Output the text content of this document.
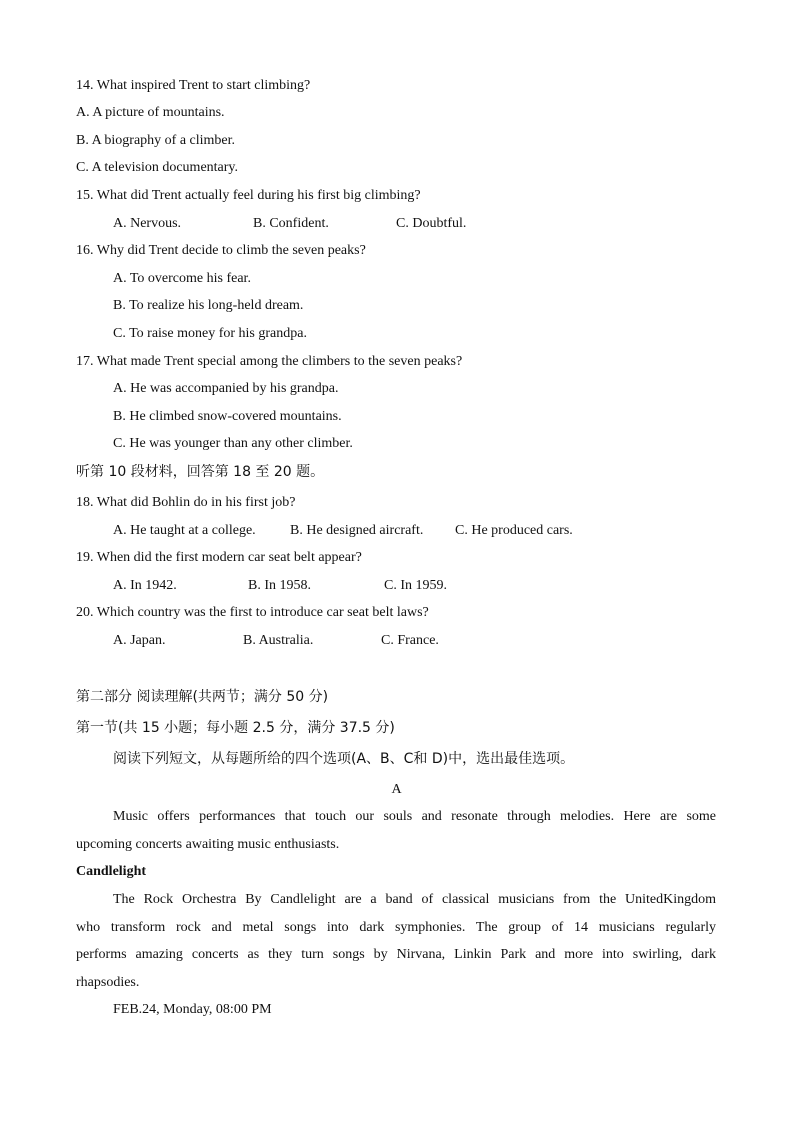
14. What inspired Trent to start climbing?
A. A picture of mountains.
B. A biography of a climber.
C. A television documentary.
15. What did Trent actually feel during his first big climbing?
A. Nervous.	B. Confident.	C. Doubtful.
16. Why did Trent decide to climb the seven peaks?
A. To overcome his fear.
B. To realize his long-held dream.
C. To raise money for his grandpa.
17. What made Trent special among the climbers to the seven peaks?
A. He was accompanied by his grandpa.
B. He climbed snow-covered mountains.
C. He was younger than any other climber.
听第 10 段材料，回答第 18 至 20 题。
18. What did Bohlin do in his first job?
A. He taught at a college. B. He designed aircraft. C. He produced cars.
19. When did the first modern car seat belt appear?
A. In 1942.	B. In 1958.	C. In 1959.
20. Which country was the first to introduce car seat belt laws?
A. Japan.	B. Australia.	C. France.
第二部分 阅读理解(共两节；满分 50 分)
第一节(共 15 小题；每小题 2.5 分，满分 37.5 分)
阅读下列短文，从每题所给的四个选项(A、B、C和 D)中，选出最佳选项。
A
Music offers performances that touch our souls and resonate through melodies. Here are some
upcoming concerts awaiting music enthusiasts.
Candlelight
The Rock Orchestra By Candlelight are a band of classical musicians from the UnitedKingdom
who transform rock and metal songs into dark symphonies. The group of 14 musicians regularly
performs amazing concerts as they turn songs by Nirvana, Linkin Park and more into swirling, dark
rhapsodies.
FEB.24, Monday, 08:00 PM
